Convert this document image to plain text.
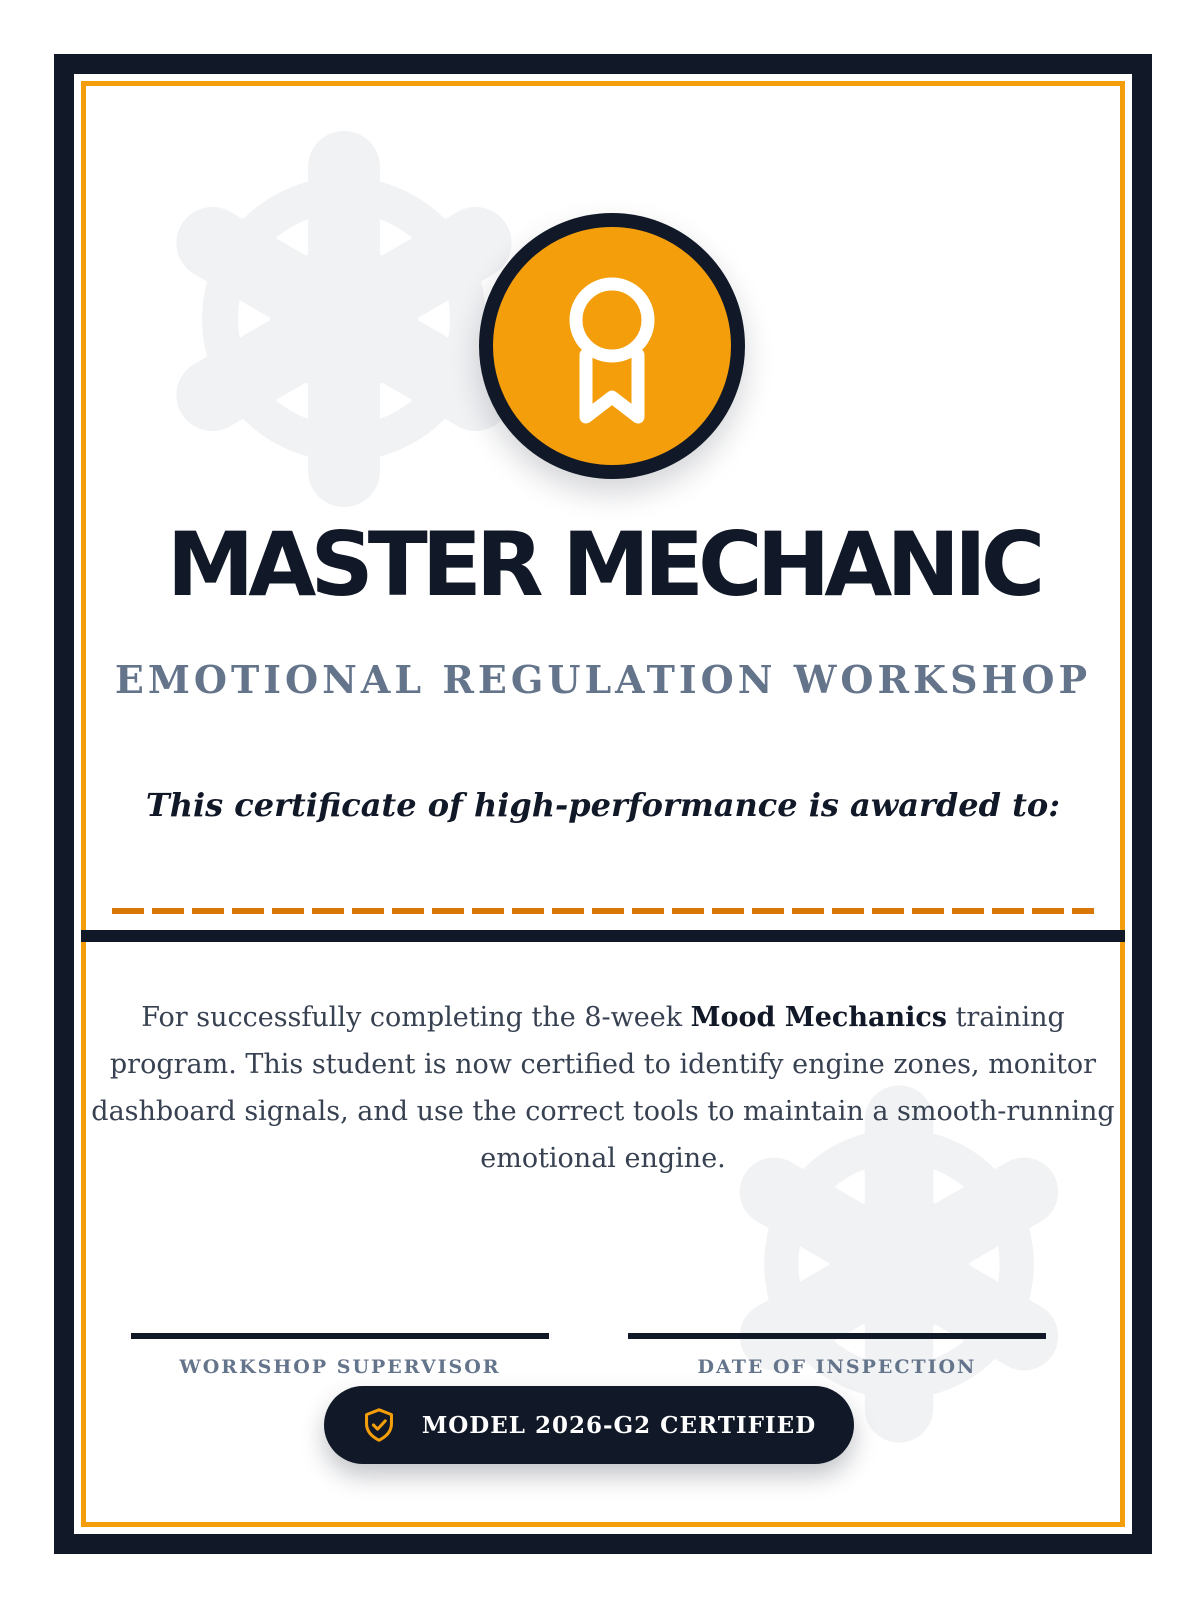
MASTER MECHANIC
EMOTIONAL REGULATION WORKSHOP
This certificate of high-performance is awarded to:

For successfully completing the 8-week Mood Mechanics training program. This student is now certified to identify engine zones, monitor dashboard signals, and use the correct tools to maintain a smooth-running emotional engine.

WORKSHOP SUPERVISOR	DATE OF INSPECTION
MODEL 2026-G2 CERTIFIED
